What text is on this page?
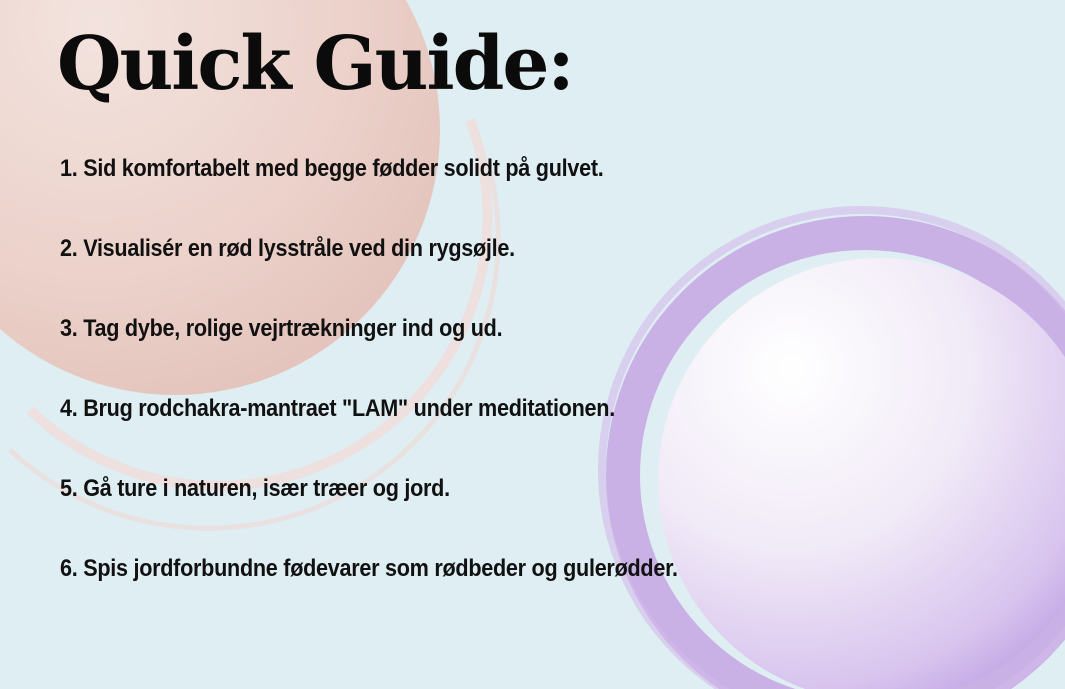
Quick Guide:
1. Sid komfortabelt med begge fødder solidt på gulvet.
2. Visualisér en rød lysstråle ved din rygsøjle.
3. Tag dybe, rolige vejrtrækninger ind og ud.
4. Brug rodchakra-mantraet "LAM" under meditationen.
5. Gå ture i naturen, især træer og jord.
6. Spis jordforbundne fødevarer som rødbeder og gulerødder.
